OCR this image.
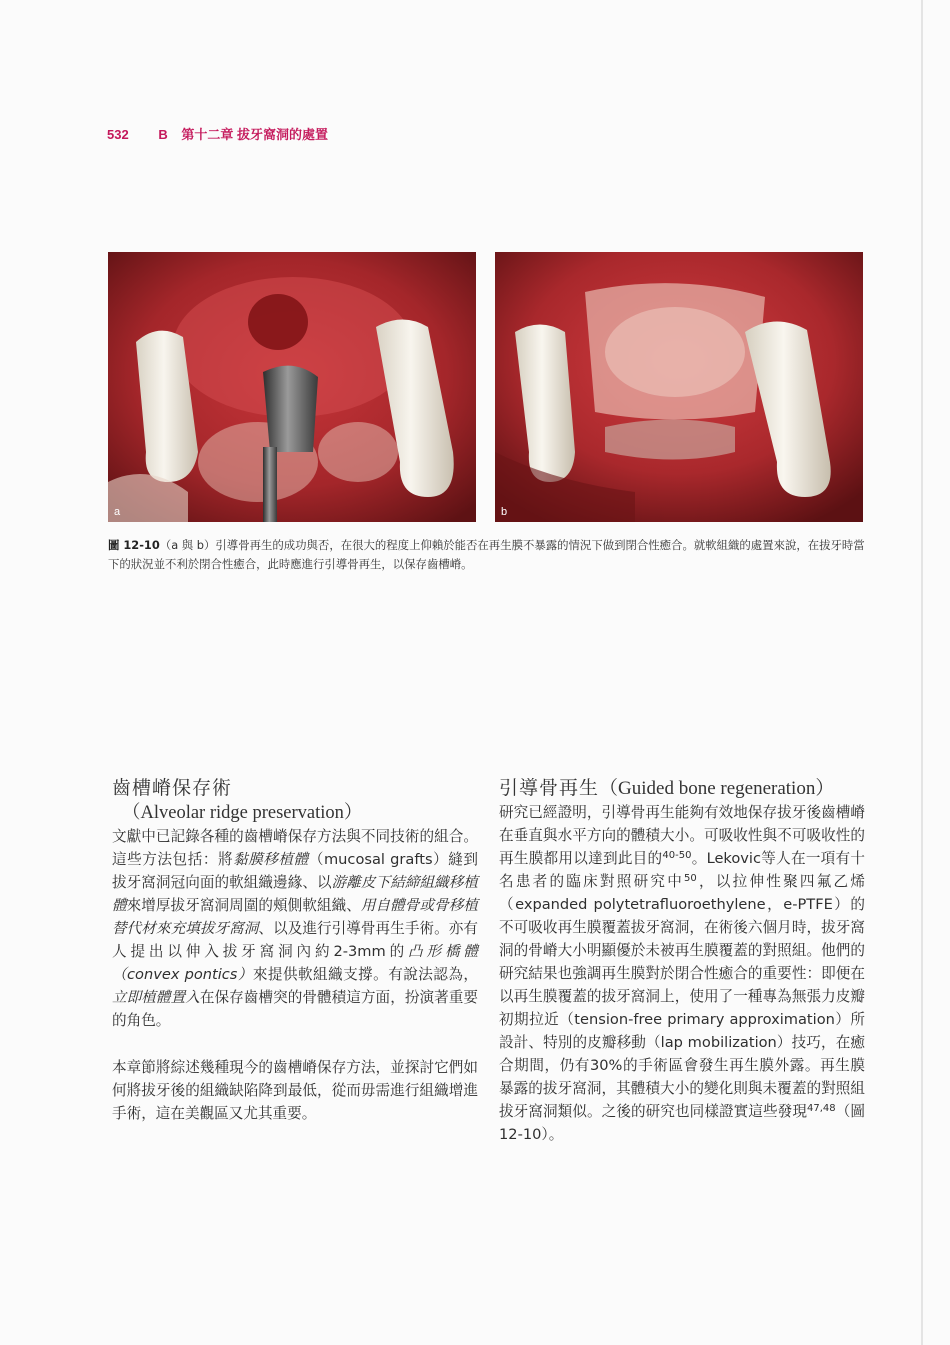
532 B 第十二章 拔牙窩洞的處置
a	b
圖 12-10（a 與 b）引導骨再生的成功與否，在很大的程度上仰賴於能否在再生膜不暴露的情況下做到閉合性癒合。就軟組織的處置來說，在拔牙時當下的狀況並不利於閉合性癒合，此時應進行引導骨再生，以保存齒槽嵴。
齒槽嵴保存術
（Alveolar ridge preservation）

文獻中已記錄各種的齒槽嵴保存方法與不同技術的組合。這些方法包括：將黏膜移植體（mucosal grafts）縫到拔牙窩洞冠向面的軟組織邊緣、以游離皮下結締組織移植體來增厚拔牙窩洞周圍的頰側軟組織、用自體骨或骨移植替代材來充填拔牙窩洞、以及進行引導骨再生手術。亦有人提出以伸入拔牙窩洞內約2-3mm的凸形橋體（convex pontics）來提供軟組織支撐。有說法認為，立即植體置入在保存齒槽突的骨體積這方面，扮演著重要的角色。

本章節將綜述幾種現今的齒槽嵴保存方法，並探討它們如何將拔牙後的組織缺陷降到最低，從而毋需進行組織增進手術，這在美觀區又尤其重要。

引導骨再生（Guided bone regeneration）

研究已經證明，引導骨再生能夠有效地保存拔牙後齒槽嵴在垂直與水平方向的體積大小。可吸收性與不可吸收性的再生膜都用以達到此目的$^{40-50}$。Lekovic等人在一項有十名患者的臨床對照研究中$^{50}$，以拉伸性聚四氟乙烯（expanded polytetrafluoroethylene，e-PTFE）的不可吸收再生膜覆蓋拔牙窩洞，在術後六個月時，拔牙窩洞的骨嵴大小明顯優於未被再生膜覆蓋的對照組。他們的研究結果也強調再生膜對於閉合性癒合的重要性：即便在以再生膜覆蓋的拔牙窩洞上，使用了一種專為無張力皮瓣初期拉近（tension-free primary approximation）所設計、特別的皮瓣移動（lap mobilization）技巧，在癒合期間，仍有30%的手術區會發生再生膜外露。再生膜暴露的拔牙窩洞，其體積大小的變化則與未覆蓋的對照組拔牙窩洞類似。之後的研究也同樣證實這些發現$^{47,48}$（圖12-10）。
